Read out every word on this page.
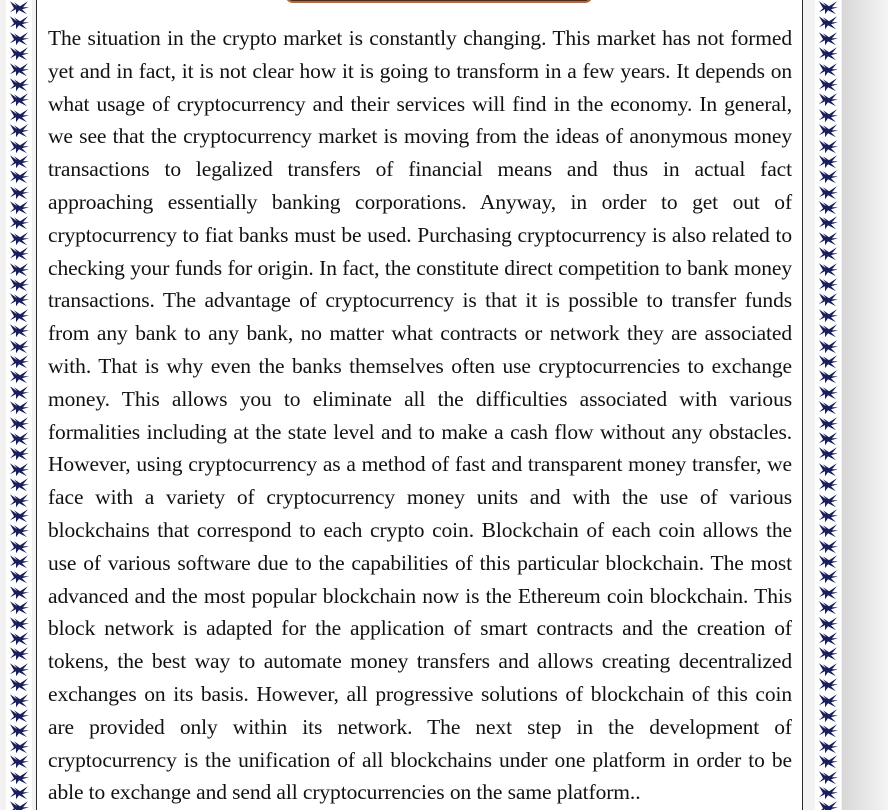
The situation in the crypto market is constantly changing. This market has not formed yet and in fact, it is not clear how it is going to transform in a few years. It depends on what usage of cryptocurrency and their services will find in the economy. In general, we see that the cryptocurrency market is moving from the ideas of anonymous money transactions to legalized transfers of financial means and thus in actual fact approaching essentially banking corporations. Anyway, in order to get out of cryptocurrency to fiat banks must be used. Purchasing cryptocurrency is also related to checking your funds for origin. In fact, the constitute direct competition to bank money transactions. The advantage of cryptocurrency is that it is possible to transfer funds from any bank to any bank, no matter what contracts or network they are associated with. That is why even the banks themselves often use cryptocurrencies to exchange money. This allows you to eliminate all the difficulties associated with various formalities including at the state level and to make a cash flow without any obstacles. However, using cryptocurrency as a method of fast and transparent money transfer, we face with a variety of cryptocurrency money units and with the use of various blockchains that correspond to each crypto coin. Blockchain of each coin allows the use of various software due to the capabilities of this particular blockchain. The most advanced and the most popular blockchain now is the Ethereum coin blockchain. This block network is adapted for the application of smart contracts and the creation of tokens, the best way to automate money transfers and allows creating decentralized exchanges on its basis. However, all progressive solutions of blockchain of this coin are provided only within its network. The next step in the development of cryptocurrency is the unification of all blockchains under one platform in order to be able to exchange and send all cryptocurrencies on the same platform..
